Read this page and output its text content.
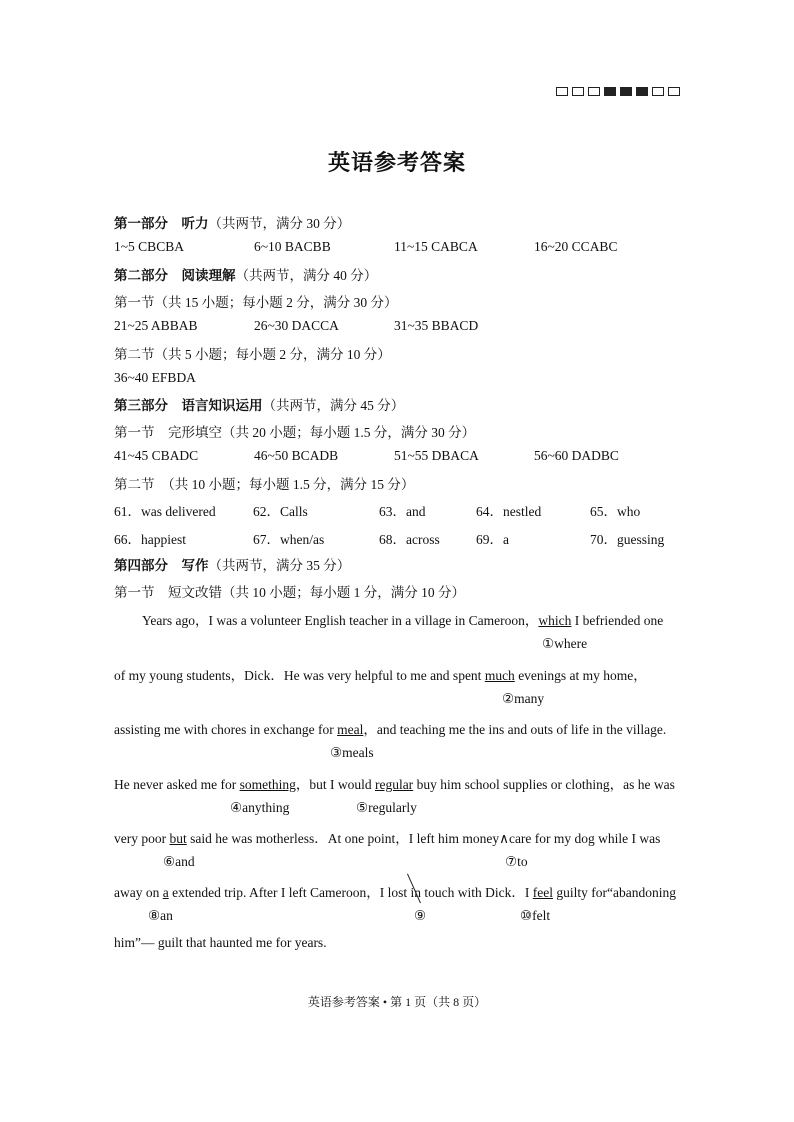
英语参考答案
第一部分　听力（共两节，满分 30 分）
1~5 CBCBA	6~10 BACBB	11~15 CABCA	16~20 CCABC
第二部分　阅读理解（共两节，满分 40 分）
第一节（共 15 小题；每小题 2 分，满分 30 分）
21~25 ABBAB	26~30 DACCA	31~35 BBACD
第二节（共 5 小题；每小题 2 分，满分 10 分）
36~40 EFBDA
第三部分　语言知识运用（共两节，满分 45 分）
第一节　完形填空（共 20 小题；每小题 1.5 分，满分 30 分）
41~45 CBADC	46~50 BCADB	51~55 DBACA	56~60 DADBC
第二节　（共 10 小题；每小题 1.5 分，满分 15 分）
61．was delivered	62．Calls	63．and	64．nestled	65．who
66．happiest	67．when/as	68．across	69．a	70．guessing
第四部分　写作（共两节，满分 35 分）
第一节　短文改错（共 10 小题；每小题 1 分，满分 10 分）
Years ago，I was a volunteer English teacher in a village in Cameroon，which I befriended one
①where
of my young students，Dick．He was very helpful to me and spent much evenings at my home，
②many
assisting me with chores in exchange for meal，and teaching me the ins and outs of life in the village.
③meals
He never asked me for something，but I would regular buy him school supplies or clothing，as he was
④anything	⑤regularly
very poor but said he was motherless．At one point，I left him money∧care for my dog while I was
⑥and	⑦to
away on a extended trip. After I left Cameroon，I lost in touch with Dick．I feel guilty for“abandoning
⑧an	⑨	⑩felt
him”— guilt that haunted me for years.
英语参考答案 • 第 1 页（共 8 页）
